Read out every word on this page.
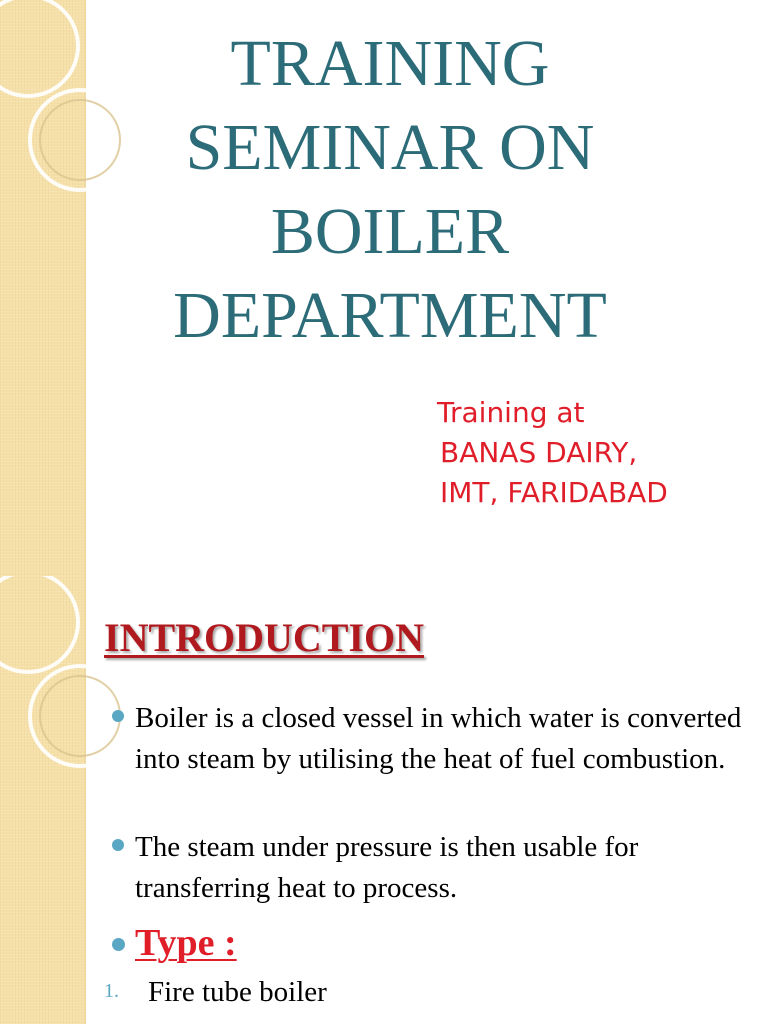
TRAINING
SEMINAR ON
BOILER
DEPARTMENT
Training at
BANAS DAIRY,
IMT, FARIDABAD
INTRODUCTION
Boiler is a closed vessel in which water is converted into steam by utilising the heat of fuel combustion.
The steam under pressure is then usable for transferring heat to process.
Type :
1. Fire tube boiler
